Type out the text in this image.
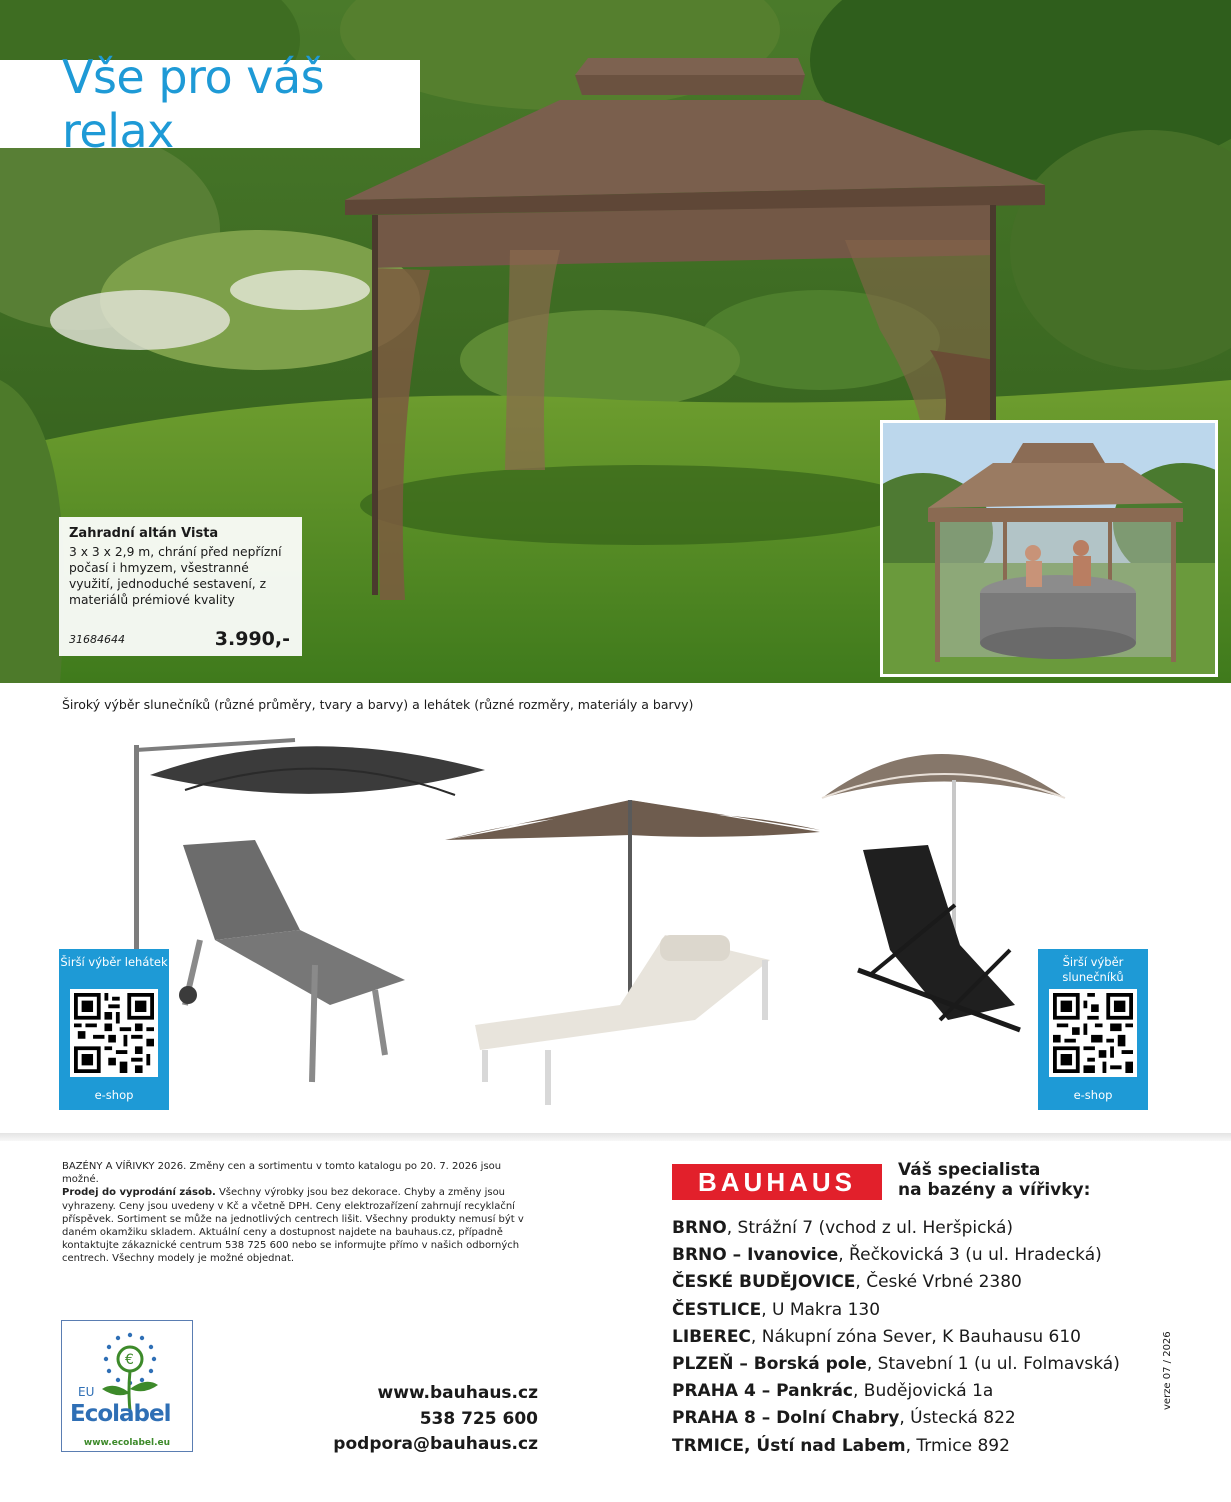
Vše pro váš relax
Zahradní altán Vista
3 x 3 x 2,9 m, chrání před nepřízní počasí i hmyzem, všestranné využití, jednoduché sestavení, z materiálů prémiové kvality
31684644	3.990,-
Široký výběr slunečníků (různé průměry, tvary a barvy) a lehátek (různé rozměry, materiály a barvy)
Širší výběr lehátek
e-shop
Širší výběr slunečníků
e-shop
BAZÉNY A VÍŘIVKY 2026. Změny cen a sortimentu v tomto katalogu po 20. 7. 2026 jsou možné.
Prodej do vyprodání zásob. Všechny výrobky jsou bez dekorace. Chyby a změny jsou vyhrazeny. Ceny jsou uvedeny v Kč a včetně DPH. Ceny elektrozařízení zahrnují recyklační příspěvek. Sortiment se může na jednotlivých centrech lišit. Všechny produkty nemusí být v daném okamžiku skladem. Aktuální ceny a dostupnost najdete na bauhaus.cz, případně kontaktujte zákaznické centrum 538 725 600 nebo se informujte přímo v našich odborných centrech. Všechny modely je možné objednat.
€
EU
Ecolabel
www.ecolabel.eu
www.bauhaus.cz
538 725 600
podpora@bauhaus.cz
BAUHAUS Váš specialista
na bazény a vířivky:
BRNO, Strážní 7 (vchod z ul. Heršpická)
BRNO – Ivanovice, Řečkovická 3 (u ul. Hradecká)
ČESKÉ BUDĚJOVICE, České Vrbné 2380
ČESTLICE, U Makra 130
LIBEREC, Nákupní zóna Sever, K Bauhausu 610
PLZEŇ – Borská pole, Stavební 1 (u ul. Folmavská)
PRAHA 4 – Pankrác, Budějovická 1a
PRAHA 8 – Dolní Chabry, Ústecká 822
TRMICE, Ústí nad Labem, Trmice 892
verze 07 / 2026
